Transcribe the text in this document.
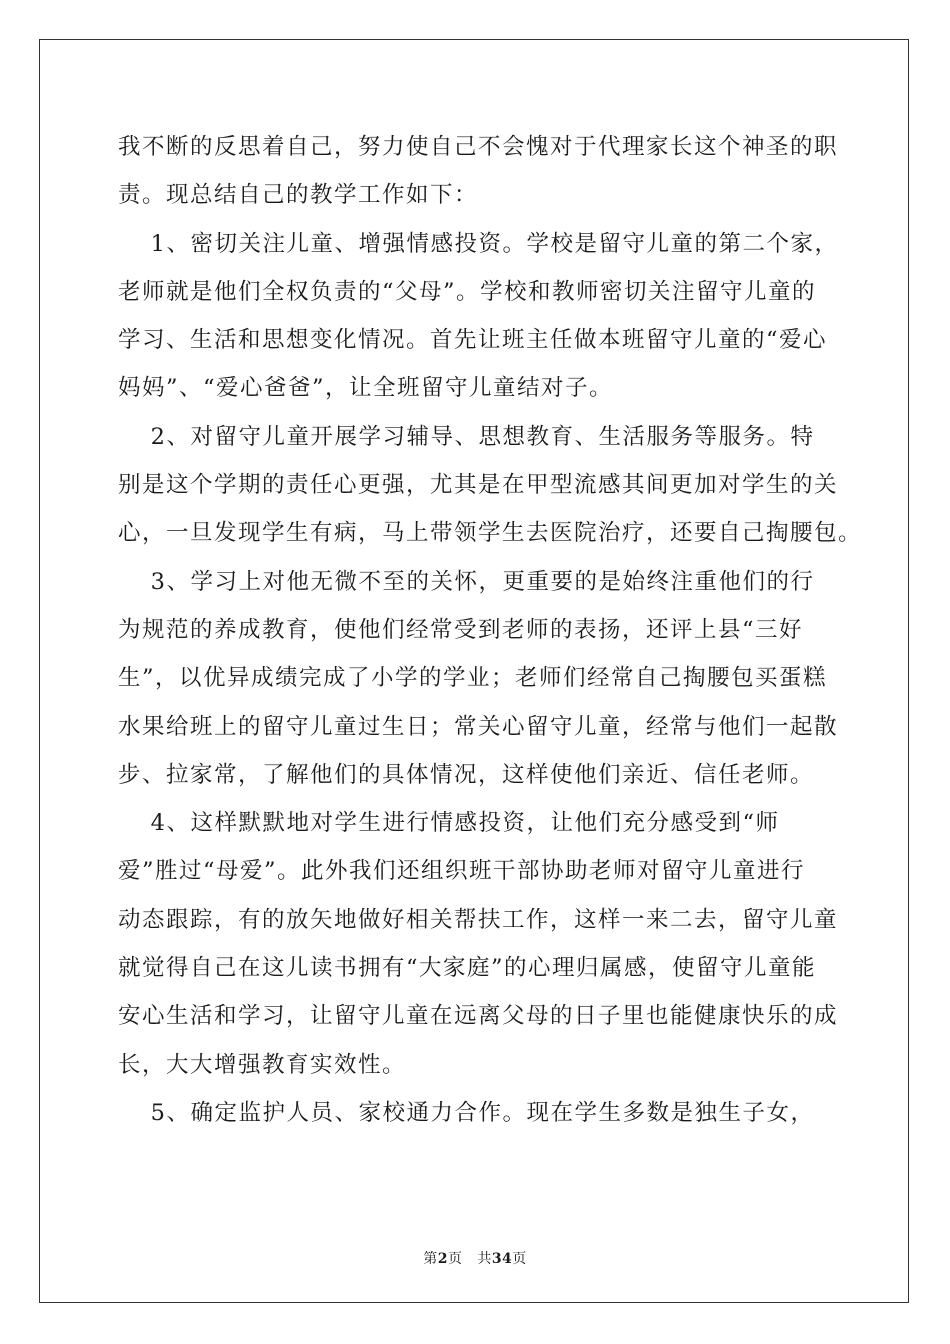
我不断的反思着自己，努力使自己不会愧对于代理家长这个神圣的职
责。现总结自己的教学工作如下：
　 1、密切关注儿童、增强情感投资。学校是留守儿童的第二个家，
老师就是他们全权负责的“父母”。学校和教师密切关注留守儿童的
学习、生活和思想变化情况。首先让班主任做本班留守儿童的“爱心
妈妈”、“爱心爸爸”，让全班留守儿童结对子。
　 2、对留守儿童开展学习辅导、思想教育、生活服务等服务。特
别是这个学期的责任心更强，尤其是在甲型流感其间更加对学生的关
心，一旦发现学生有病，马上带领学生去医院治疗，还要自己掏腰包。
　 3、学习上对他无微不至的关怀，更重要的是始终注重他们的行
为规范的养成教育，使他们经常受到老师的表扬，还评上县“三好
生”，以优异成绩完成了小学的学业；老师们经常自己掏腰包买蛋糕
水果给班上的留守儿童过生日；常关心留守儿童，经常与他们一起散
步、拉家常，了解他们的具体情况，这样使他们亲近、信任老师。
　 4、这样默默地对学生进行情感投资，让他们充分感受到“师
爱”胜过“母爱”。此外我们还组织班干部协助老师对留守儿童进行
动态跟踪，有的放矢地做好相关帮扶工作，这样一来二去，留守儿童
就觉得自己在这儿读书拥有“大家庭”的心理归属感，使留守儿童能
安心生活和学习，让留守儿童在远离父母的日子里也能健康快乐的成
长，大大增强教育实效性。
　 5、确定监护人员、家校通力合作。现在学生多数是独生子女，
第2页 共34页
